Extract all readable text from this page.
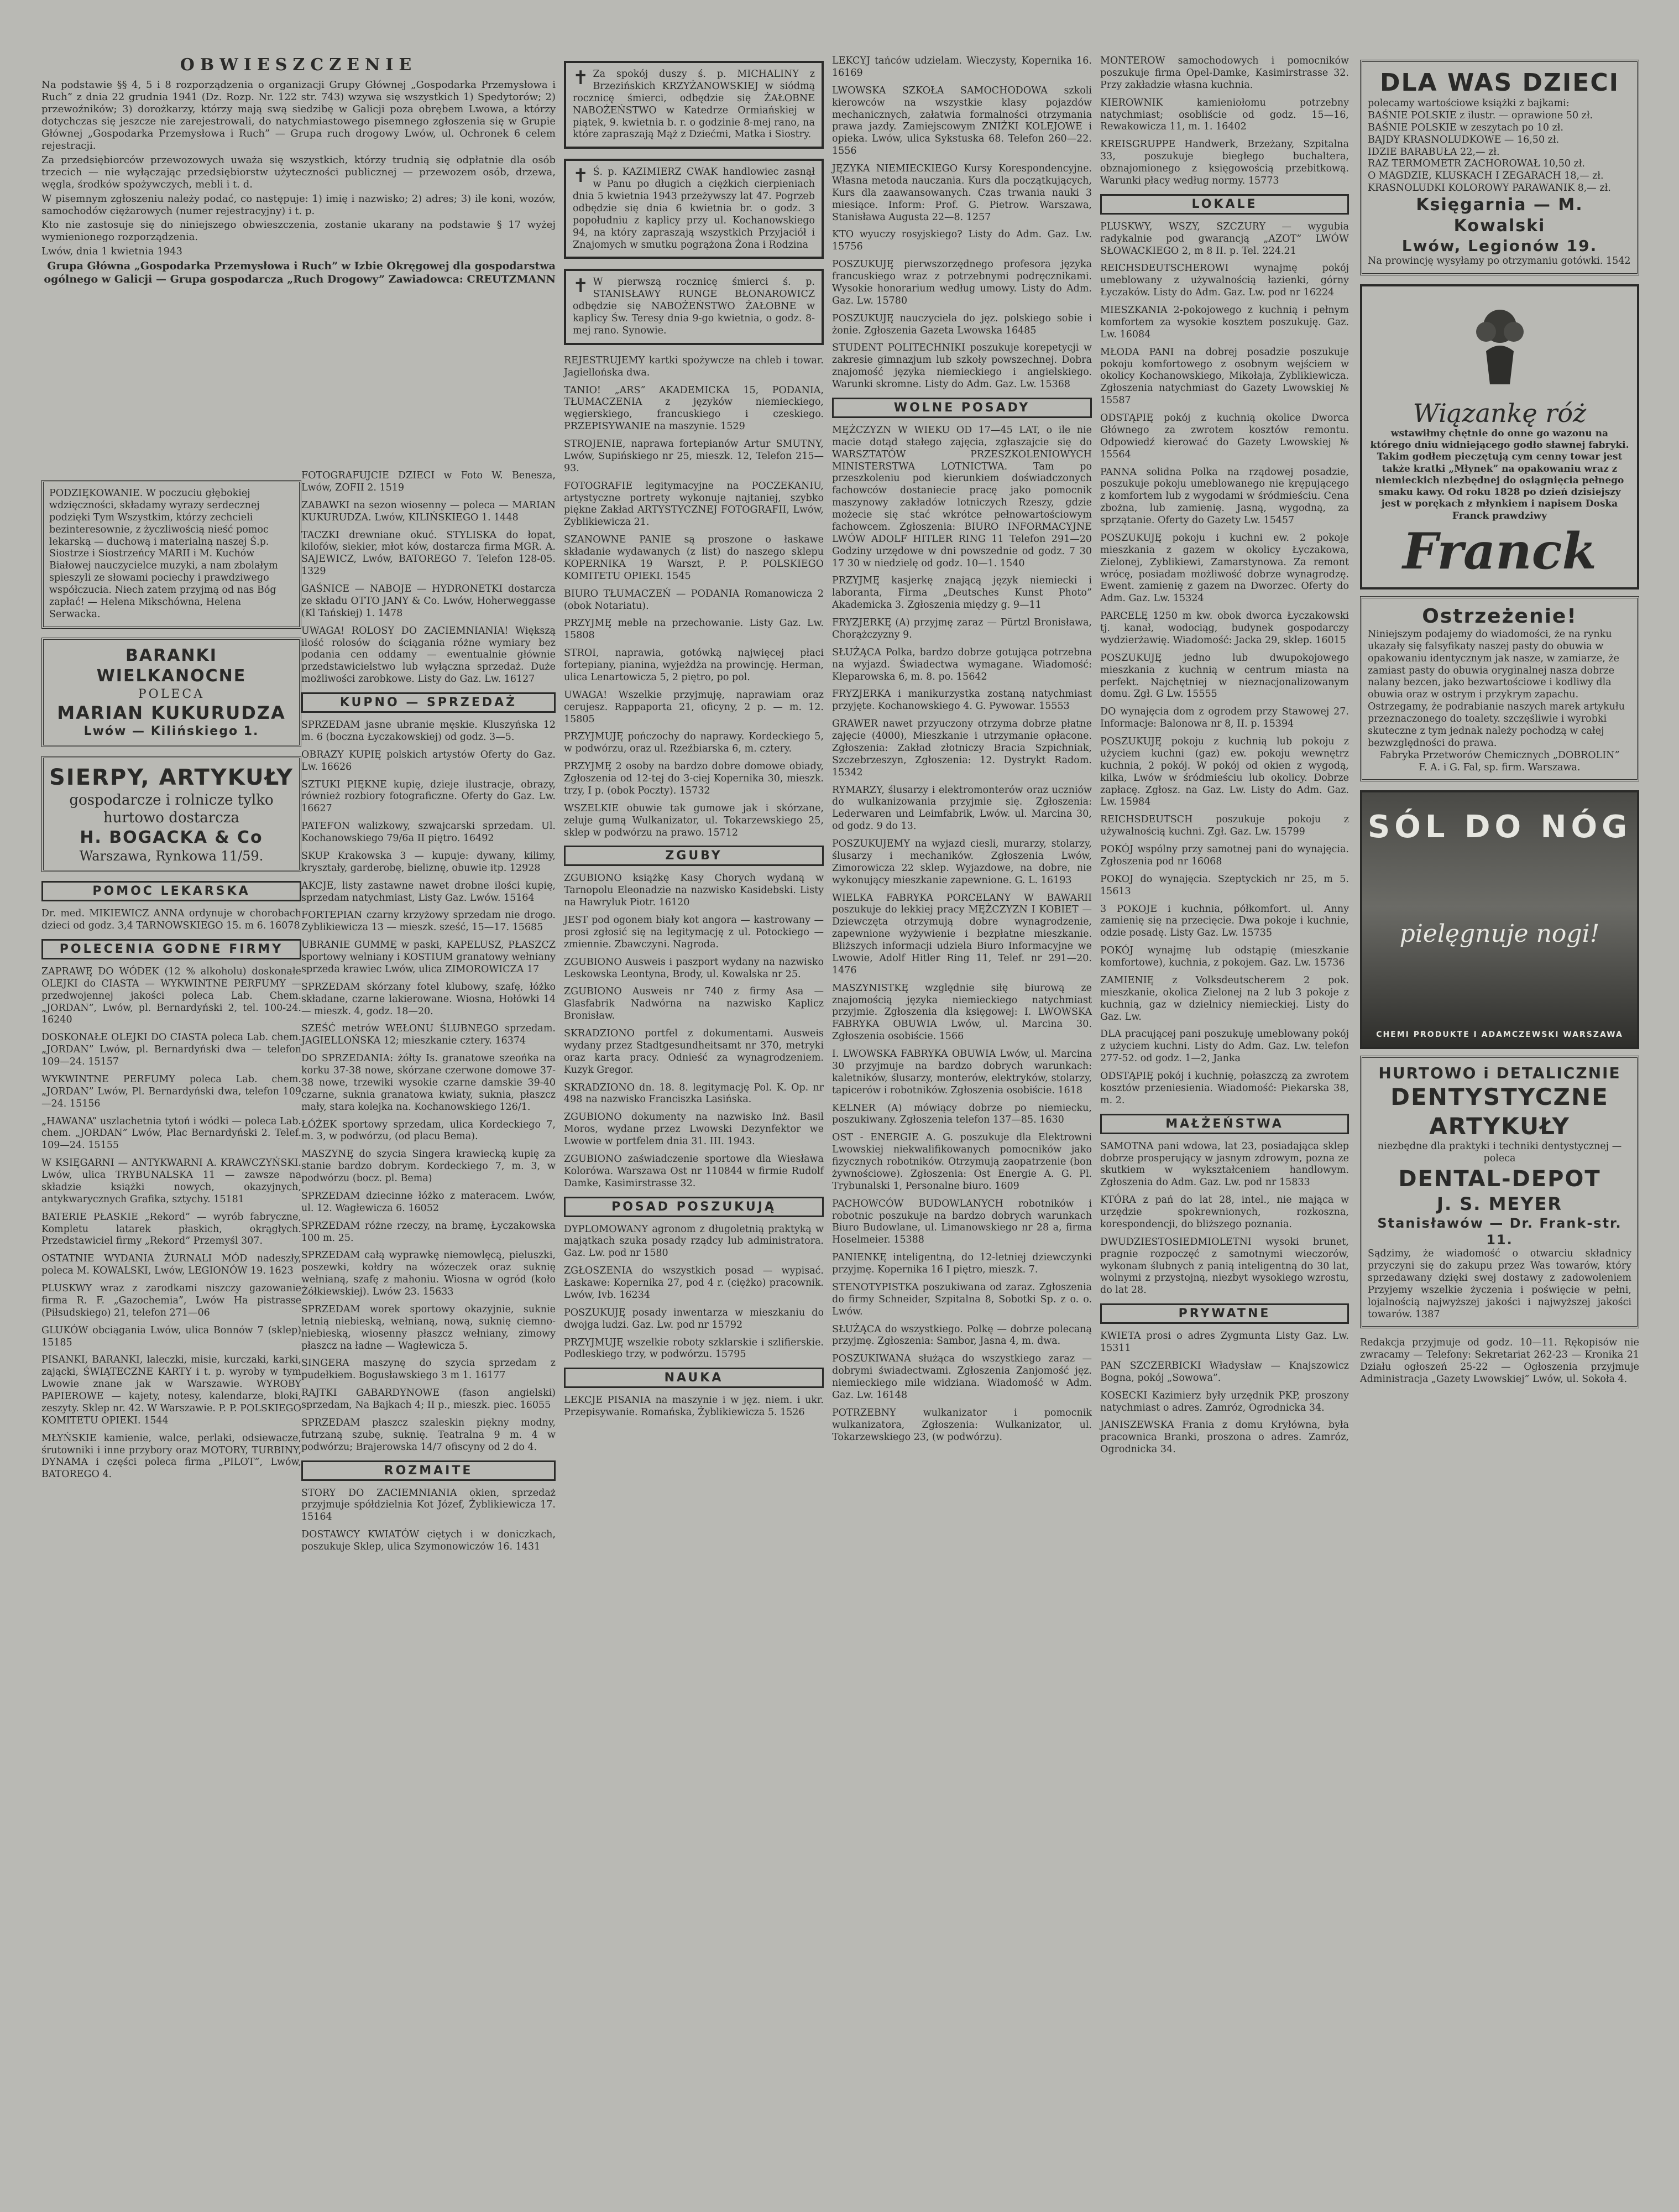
OBWIESZCZENIE

Na podstawie §§ 4, 5 i 8 rozporządzenia o organizacji Grupy Głównej „Gospodarka Przemysłowa i Ruch” z dnia 22 grudnia 1941 (Dz. Rozp. Nr. 122 str. 743) wzywa się wszystkich 1) Spedytorów; 2) przewoźników; 3) dorożkarzy, którzy mają swą siedzibę w Galicji poza obrębem Lwowa, a którzy dotychczas się jeszcze nie zarejestrowali, do natychmiastowego pisemnego zgłoszenia się w Grupie Głównej „Gospodarka Przemysłowa i Ruch” — Grupa ruch drogowy Lwów, ul. Ochronek 6 celem rejestracji.

Za przedsiębiorców przewozowych uważa się wszystkich, którzy trudnią się odpłatnie dla osób trzecich — nie wyłączając przedsiębiorstw użyteczności publicznej — przewozem osób, drzewa, węgla, środków spożywczych, mebli i t. d.

W pisemnym zgłoszeniu należy podać, co następuje: 1) imię i nazwisko; 2) adres; 3) ile koni, wozów, samochodów ciężarowych (numer rejestracyjny) i t. p.

Kto nie zastosuje się do niniejszego obwieszczenia, zostanie ukarany na podstawie § 17 wyżej wymienionego rozporządzenia.

Lwów, dnia 1 kwietnia 1943

Grupa Główna „Gospodarka Przemysłowa i Ruch” w Izbie Okręgowej dla gospodarstwa ogólnego w Galicji — Grupa gospodarcza „Ruch Drogowy” Zawiadowca: CREUTZMANN

PODZIĘKOWANIE. W poczuciu głębokiej wdzięczności, składamy wyrazy serdecznej podzięki Tym Wszystkim, którzy zechcieli bezinteresownie, z życzliwością nieść pomoc lekarską — duchową i materialną naszej Ś.p. Siostrze i Siostrzeńcy MARII i M. Kuchów Białowej nauczycielce muzyki, a nam zbolałym spieszyli ze słowami pociechy i prawdziwego współczucia. Niech zatem przyjmą od nas Bóg zapłać! — Helena Mikschówna, Helena Serwacka.
BARANKI WIELKANOCNE
POLECA
MARIAN KUKURUDZA
Lwów — Kilińskiego 1.
SIERPY, ARTYKUŁY
gospodarcze i rolnicze tylko hurtowo dostarcza
H. BOGACKA & Co
Warszawa, Rynkowa 11/59.
POMOC LEKARSKA

Dr. med. MIKIEWICZ ANNA ordynuje w chorobach dzieci od godz. 3,4 TARNOWSKIEGO 15. m 6. 16078

POLECENIA GODNE FIRMY

ZAPRAWĘ DO WÓDEK (12 % alkoholu) doskonałe OLEJKI do CIASTA — WYKWINTNE PERFUMY — przedwojennej jakości poleca Lab. Chem. „JORDAN”, Lwów, pl. Bernardyński 2, tel. 100-24. 16240

DOSKONAŁE OLEJKI DO CIASTA poleca Lab. chem. „JORDAN” Lwów, pl. Bernardyński dwa — telefon 109—24. 15157

WYKWINTNE PERFUMY poleca Lab. chem. „JORDAN” Lwów, Pl. Bernardyński dwa, telefon 109—24. 15156

„HAWANA” uszlachetnia tytoń i wódki — poleca Lab. chem. „JORDAN” Lwów, Plac Bernardyński 2. Telef. 109—24. 15155

W KSIĘGARNI — ANTYKWARNI A. KRAWCZYŃSKI. Lwów, ulica TRYBUNALSKA 11 — zawsze na składzie książki nowych, okazyjnych, antykwarycznych Grafika, sztychy. 15181

BATERIE PŁASKIE „Rekord” — wyrób fabryczne, Kompletu latarek płaskich, okrągłych. Przedstawiciel firmy „Rekord” Przemyśl 307.

OSTATNIE WYDANIA ŻURNALI MÓD nadeszły, poleca M. KOWALSKI, Lwów, LEGIONÓW 19. 1623

PLUSKWY wraz z zarodkami niszczy gazowanie firma R. F. „Gazochemia”, Lwów Ha pistrasse (Piłsudskiego) 21, telefon 271—06

GLUKÓW obciągania Lwów, ulica Bonnów 7 (sklep) 15185

PISANKI, BARANKI, laleczki, misie, kurczaki, karki, zającki, ŚWIĄTECZNE KARTY i t. p. wyroby w tym Lwowie znane jak w Warszawie. WYROBY PAPIEROWE — kajety, notesy, kalendarze, bloki, zeszyty. Sklep nr. 42. W Warszawie. P. P. POLSKIEGO KOMITETU OPIEKI. 1544

MŁYŃSKIE kamienie, walce, perlaki, odsiewacze, śrutowniki i inne przybory oraz MOTORY, TURBINY, DYNAMA i części poleca firma „PILOT”, Lwów, BATOREGO 4.

FOTOGRAFUJCIE DZIECI w Foto W. Benesza, Lwów, ZOFII 2. 1519

ZABAWKI na sezon wiosenny — poleca — MARIAN KUKURUDZA. Lwów, KILIŃSKIEGO 1. 1448

TACZKI drewniane okuć. STYLISKA do łopat, kilofów, siekier, młot ków, dostarcza firma MGR. A. SAJEWICZ, Lwów, BATOREGO 7. Telefon 128-05. 1329

GAŚNICE — NABOJE — HYDRONETKI dostarcza ze składu OTTO JANY & Co. Lwów, Hoherweggasse (Kl Tańskiej) 1. 1478

UWAGA! ROLOSY DO ZACIEMNIANIA! Większą ilość rolosów do ściągania różne wymiary bez podania cen oddamy — ewentualnie głównie przedstawicielstwo lub wyłączna sprzedaż. Duże możliwości zarobkowe. Listy do Gaz. Lw. 16127

KUPNO — SPRZEDAŻ

SPRZEDAM jasne ubranie męskie. Kluszyńska 12 m. 6 (boczna Łyczakowskiej) od godz. 3—5.

OBRAZY KUPIĘ polskich artystów Oferty do Gaz. Lw. 16626

SZTUKI PIĘKNE kupię, dzieje ilustracje, obrazy, również rozbiory fotograficzne. Oferty do Gaz. Lw. 16627

PATEFON walizkowy, szwajcarski sprzedam. Ul. Kochanowskiego 79/6a II piętro. 16492

SKUP Krakowska 3 — kupuje: dywany, kilimy, kryształy, garderobę, bieliznę, obuwie itp. 12928

AKCJE, listy zastawne nawet drobne ilości kupię, sprzedam natychmiast, Listy Gaz. Lwów. 15164

FORTEPIAN czarny krzyżowy sprzedam nie drogo. Zyblikiewicza 13 — mieszk. sześć, 15—17. 15685

UBRANIE GUMMĘ w paski, KAPELUSZ, PŁASZCZ sportowy welniany i KOSTIUM granatowy wełniany sprzeda krawiec Lwów, ulica ZIMOROWICZA 17

SPRZEDAM skórzany fotel klubowy, szafę, łóżko składane, czarne lakierowane. Wiosna, Hołówki 14 — mieszk. 4, godz. 18—20.

SZEŚĆ metrów WEŁONU ŚLUBNEGO sprzedam. JAGIELLOŃSKA 12; mieszkanie cztery. 16374

DO SPRZEDANIA: żółty Is. granatowe szeońka na korku 37-38 nowe, skórzane czerwone domowe 37-38 nowe, trzewiki wysokie czarne damskie 39-40 czarne, suknia granatowa kwiaty, suknia, płaszcz mały, stara kolejka na. Kochanowskiego 126/1.

ŁÓŻEK sportowy sprzedam, ulica Kordeckiego 7, m. 3, w podwórzu, (od placu Bema).

MASZYNĘ do szycia Singera krawiecką kupię za stanie bardzo dobrym. Kordeckiego 7, m. 3, w podwórzu (bocz. pl. Bema)

SPRZEDAM dziecinne łóżko z materacem. Lwów, ul. 12. Wagłewicza 6. 16052

SPRZEDAM różne rzeczy, na bramę, Łyczakowska 100 m. 25.

SPRZEDAM całą wyprawkę niemowlęcą, pieluszki, poszewki, kołdry na wózeczek oraz suknię wełnianą, szafę z mahoniu. Wiosna w ogród (koło Żółkiewskiej). Lwów 23. 15633

SPRZEDAM worek sportowy okazyjnie, suknie letnią niebieską, wełnianą, nową, suknię ciemno-niebieską, wiosenny płaszcz wełniany, zimowy płaszcz na ładne — Wagłewicza 5.

SINGERA maszynę do szycia sprzedam z pudełkiem. Bogusławskiego 3 m 1. 16177

RAJTKI GABARDYNOWE (fason angielski) sprzedam, Na Bajkach 4; II p., mieszk. piec. 16055

SPRZEDAM płaszcz szaleskin piękny modny, futrzaną szubę, suknię. Teatralna 9 m. 4 w podwórzu; Brajerowska 14/7 ofiscyny od 2 do 4.

ROZMAITE

STORY DO ZACIEMNIANIA okien, sprzedaż przyjmuje spółdzielnia Kot Józef, Żyblikiewicza 17. 15164

DOSTAWCY KWIATÓW ciętych i w doniczkach, poszukuje Sklep, ulica Szymonowiczów 16. 1431

✝ Za spokój duszy ś. p. MICHALINY z Brzezińskich KRZYŻANOWSKIEJ w siódmą rocznicę śmierci, odbędzie się ŻAŁOBNE NABOŻEŃSTWO w Katedrze Ormiańskiej w piątek, 9. kwietnia b. r. o godzinie 8-mej rano, na które zapraszają Mąż z Dziećmi, Matka i Siostry.
✝ Ś. p. KAZIMIERZ CWAK handlowiec zasnął w Panu po długich a ciężkich cierpieniach dnia 5 kwietnia 1943 przeżywszy lat 47. Pogrzeb odbędzie się dnia 6 kwietnia br. o godz. 3 popołudniu z kaplicy przy ul. Kochanowskiego 94, na który zapraszają wszystkich Przyjaciół i Znajomych w smutku pogrążona Żona i Rodzina
✝ W pierwszą rocznicę śmierci ś. p. STANISŁAWY RUNGE BŁONAROWICZ odbędzie się NABOŻEŃSTWO ŻAŁOBNE w kaplicy Św. Teresy dnia 9-go kwietnia, o godz. 8-mej rano. Synowie.

REJESTRUJEMY kartki spożywcze na chleb i towar. Jagiellońska dwa.

TANIO! „ARS” AKADEMICKA 15, PODANIA, TŁUMACZENIA z języków niemieckiego, węgierskiego, francuskiego i czeskiego. PRZEPISYWANIE na maszynie. 1529

STROJENIE, naprawa fortepianów Artur SMUTNY, Lwów, Supińskiego nr 25, mieszk. 12, Telefon 215—93.

FOTOGRAFIE legitymacyjne na POCZEKANIU, artystyczne portrety wykonuje najtaniej, szybko piękne Zakład ARTYSTYCZNEJ FOTOGRAFII, Lwów, Zyblikiewicza 21.

SZANOWNE PANIE są proszone o łaskawe składanie wydawanych (z list) do naszego sklepu KOPERNIKA 19 Warszt, P. P. POLSKIEGO KOMITETU OPIEKI. 1545

BIURO TŁUMACZEŃ — PODANIA Romanowicza 2 (obok Notariatu).

PRZYJMĘ meble na przechowanie. Listy Gaz. Lw. 15808

STROI, naprawia, gotówką najwięcej płaci fortepiany, pianina, wyjeżdża na prowincję. Herman, ulica Lenartowicza 5, 2 piętro, po pol.

UWAGA! Wszelkie przyjmuję, naprawiam oraz cerujesz. Rappaporta 21, oficyny, 2 p. — m. 12. 15805

PRZYJMUJĘ pończochy do naprawy. Kordeckiego 5, w podwórzu, oraz ul. Rzeźbiarska 6, m. cztery.

PRZYJMĘ 2 osoby na bardzo dobre domowe obiady, Zgłoszenia od 12-tej do 3-ciej Kopernika 30, mieszk. trzy, I p. (obok Poczty). 15732

WSZELKIE obuwie tak gumowe jak i skórzane, zeluje gumą Wulkanizator, ul. Tokarzewskiego 25, sklep w podwórzu na prawo. 15712

ZGUBY

ZGUBIONO książkę Kasy Chorych wydaną w Tarnopolu Eleonadzie na nazwisko Kasidebski. Listy na Hawryluk Piotr. 16120

JEST pod ogonem biały kot angora — kastrowany — prosi zgłosić się na legitymację z ul. Potockiego — zmiennie. Zbawczyni. Nagroda.

ZGUBIONO Ausweis i paszport wydany na nazwisko Leskowska Leontyna, Brody, ul. Kowalska nr 25.

ZGUBIONO Ausweis nr 740 z firmy Asa — Glasfabrik Nadwórna na nazwisko Kaplicz Bronisław.

SKRADZIONO portfel z dokumentami. Ausweis wydany przez Stadtgesundheitsamt nr 370, metryki oraz karta pracy. Odnieść za wynagrodzeniem. Kuzyk Gregor.

SKRADZIONO dn. 18. 8. legitymację Pol. K. Op. nr 498 na nazwisko Franciszka Lasińska.

ZGUBIONO dokumenty na nazwisko Inż. Basil Moros, wydane przez Lwowski Dezynfektor we Lwowie w portfelem dnia 31. III. 1943.

ZGUBIONO zaświadczenie sportowe dla Wiesława Kolorówa. Warszawa Ost nr 110844 w firmie Rudolf Damke, Kasimirstrasse 32.

POSAD POSZUKUJĄ

DYPLOMOWANY agronom z długoletnią praktyką w majątkach szuka posady rządcy lub administratora. Gaz. Lw. pod nr 1580

ZGŁOSZENIA do wszystkich posad — wypisać. Łaskawe: Kopernika 27, pod 4 r. (ciężko) pracownik. Lwów, Ivb. 16234

POSZUKUJĘ posady inwentarza w mieszkaniu do dwojga ludzi. Gaz. Lw. pod nr 15792

PRZYJMUJĘ wszelkie roboty szklarskie i szlifierskie. Podleskiego trzy, w podwórzu. 15795

NAUKA

LEKCJE PISANIA na maszynie i w jęz. niem. i ukr. Przepisywanie. Romańska, Żyblikiewicza 5. 1526

LEKCYJ tańców udzielam. Wieczysty, Kopernika 16. 16169

LWOWSKA SZKOŁA SAMOCHODOWA szkoli kierowców na wszystkie klasy pojazdów mechanicznych, załatwia formalności otrzymania prawa jazdy. Zamiejscowym ZNIŻKI KOLEJOWE i opieka. Lwów, ulica Sykstuska 68. Telefon 260—22. 1556

JĘZYKA NIEMIECKIEGO Kursy Korespondencyjne. Własna metoda nauczania. Kurs dla początkujących, Kurs dla zaawansowanych. Czas trwania nauki 3 miesiące. Inform: Prof. G. Pietrow. Warszawa, Stanisława Augusta 22—8. 1257

KTO wyuczy rosyjskiego? Listy do Adm. Gaz. Lw. 15756

POSZUKUJĘ pierwszorzędnego profesora języka francuskiego wraz z potrzebnymi podręcznikami. Wysokie honorarium według umowy. Listy do Adm. Gaz. Lw. 15780

POSZUKUJĘ nauczyciela do jęz. polskiego sobie i żonie. Zgłoszenia Gazeta Lwowska 16485

STUDENT POLITECHNIKI poszukuje korepetycji w zakresie gimnazjum lub szkoły powszechnej. Dobra znajomość języka niemieckiego i angielskiego. Warunki skromne. Listy do Adm. Gaz. Lw. 15368

WOLNE POSADY

MĘŻCZYZN W WIEKU OD 17—45 LAT, o ile nie macie dotąd stałego zajęcia, zgłaszajcie się do WARSZTATÓW PRZESZKOLENIOWYCH MINISTERSTWA LOTNICTWA. Tam po przeszkoleniu pod kierunkiem doświadczonych fachowców dostaniecie pracę jako pomocnik maszynowy zakładów lotniczych Rzeszy, gdzie możecie się stać wkrótce pełnowartościowym fachowcem. Zgłoszenia: BIURO INFORMACYJNE LWÓW ADOLF HITLER RING 11 Telefon 291—20 Godziny urzędowe w dni powszednie od godz. 7 30 17 30 w niedzielę od godz. 10—1. 1540

PRZYJMĘ kasjerkę znającą język niemiecki i laboranta, Firma „Deutsches Kunst Photo” Akademicka 3. Zgłoszenia między g. 9—11

FRYZJERKĘ (A) przyjmę zaraz — Pürtzl Bronisława, Chorążczyzny 9.

SŁUŻĄCA Polka, bardzo dobrze gotująca potrzebna na wyjazd. Świadectwa wymagane. Wiadomość: Kleparowska 6, m. 8. po. 15642

FRYZJERKA i manikurzystka zostaną natychmiast przyjęte. Kochanowskiego 4. G. Pywowar. 15553

GRAWER nawet przyuczony otrzyma dobrze płatne zajęcie (4000), Mieszkanie i utrzymanie opłacone. Zgłoszenia: Zakład złotniczy Bracia Szpichniak, Szczebrzeszyn, Zgłoszenia: 12. Dystrykt Radom. 15342

RYMARZY, ślusarzy i elektromonterów oraz uczniów do wulkanizowania przyjmie się. Zgłoszenia: Lederwaren und Leimfabrik, Lwów. ul. Marcina 30, od godz. 9 do 13.

POSZUKUJEMY na wyjazd ciesli, murarzy, stolarzy, ślusarzy i mechaników. Zgłoszenia Lwów, Zimorowicza 22 sklep. Wyjazdowe, na dobre, nie wykonujący mieszkanie zapewnione. G. L. 16193

WIELKA FABRYKA PORCELANY W BAWARII poszukuje do lekkiej pracy MĘŻCZYZN I KOBIET — Dziewczęta otrzymują dobre wynagrodzenie, zapewnione wyżywienie i bezpłatne mieszkanie. Bliższych informacji udziela Biuro Informacyjne we Lwowie, Adolf Hitler Ring 11, Telef. nr 291—20. 1476

MASZYNISTKĘ względnie siłę biurową ze znajomością języka niemieckiego natychmiast przyjmie. Zgłoszenia dla księgowej: I. LWOWSKA FABRYKA OBUWIA Lwów, ul. Marcina 30. Zgłoszenia osobiście. 1566

I. LWOWSKA FABRYKA OBUWIA Lwów, ul. Marcina 30 przyjmuje na bardzo dobrych warunkach: kaletników, ślusarzy, monterów, elektryków, stolarzy, tapicerów i robotników. Zgłoszenia osobiście. 1618

KELNER (A) mówiący dobrze po niemiecku, poszukiwany. Zgłoszenia telefon 137—85. 1630

OST - ENERGIE A. G. poszukuje dla Elektrowni Lwowskiej niekwalifikowanych pomocników jako fizycznych robotników. Otrzymują zaopatrzenie (bon żywnościowe). Zgłoszenia: Ost Energie A. G. Pl. Trybunalski 1, Personalne biuro. 1609

PACHOWCÓW BUDOWLANYCH robotników i robotnic poszukuje na bardzo dobrych warunkach Biuro Budowlane, ul. Limanowskiego nr 28 a, firma Hoselmeier. 15388

PANIENKĘ inteligentną, do 12-letniej dziewczynki przyjmę. Kopernika 16 I piętro, mieszk. 7.

STENOTYPISTKA poszukiwana od zaraz. Zgłoszenia do firmy Schneider, Szpitalna 8, Sobotki Sp. z o. o. Lwów.

SŁUŻĄCA do wszystkiego. Polkę — dobrze polecaną przyjmę. Zgłoszenia: Sambor, Jasna 4, m. dwa.

POSZUKIWANA służąca do wszystkiego zaraz — dobrymi świadectwami. Zgłoszenia Zanjomość jęz. niemieckiego mile widziana. Wiadomość w Adm. Gaz. Lw. 16148

POTRZEBNY wulkanizator i pomocnik wulkanizatora, Zgłoszenia: Wulkanizator, ul. Tokarzewskiego 23, (w podwórzu).

MONTEROW samochodowych i pomocników poszukuje firma Opel-Damke, Kasimirstrasse 32. Przy zakładzie własna kuchnia.

KIEROWNIK kamieniołomu potrzebny natychmiast; osobliście od godz. 15—16, Rewakowicza 11, m. 1. 16402

KREISGRUPPE Handwerk, Brzeżany, Szpitalna 33, poszukuje biegłego buchaltera, obznajomionego z księgowością przebitkową. Warunki płacy według normy. 15773

LOKALE

PLUSKWY, WSZY, SZCZURY — wygubia radykalnie pod gwarancją „AZOT” LWÓW SŁOWACKIEGO 2, m 8 II. p. Tel. 224.21

REICHSDEUTSCHEROWI wynajmę pokój umeblowany z używalnością łazienki, górny Łyczaków. Listy do Adm. Gaz. Lw. pod nr 16224

MIESZKANIA 2-pokojowego z kuchnią i pełnym komfortem za wysokie kosztem poszukuję. Gaz. Lw. 16084

MŁODA PANI na dobrej posadzie poszukuje pokoju komfortowego z osobnym wejściem w okolicy Kochanowskiego, Mikołaja, Zyblikiewicza. Zgłoszenia natychmiast do Gazety Lwowskiej № 15587

ODSTĄPIĘ pokój z kuchnią okolice Dworca Głównego za zwrotem kosztów remontu. Odpowiedź kierować do Gazety Lwowskiej № 15564

PANNA solidna Polka na rządowej posadzie, poszukuje pokoju umeblowanego nie krępującego z komfortem lub z wygodami w śródmieściu. Cena zbożna, lub zamienię. Jasną, wygodną, za sprzątanie. Oferty do Gazety Lw. 15457

POSZUKUJĘ pokoju i kuchni ew. 2 pokoje mieszkania z gazem w okolicy Łyczakowa, Zielonej, Zyblikiewi, Zamarstynowa. Za remont wrócę, posiadam możliwość dobrze wynagrodzę. Ewent. zamienię z gazem na Dworzec. Oferty do Adm. Gaz. Lw. 15324

PARCELĘ 1250 m kw. obok dworca Łyczakowski tj. kanał, wodociąg, budynek gospodarczy wydzierżawię. Wiadomość: Jacka 29, sklep. 16015

POSZUKUJĘ jedno lub dwupokojowego mieszkania z kuchnią w centrum miasta na perfekt. Najchętniej w nieznacjonalizowanym domu. Zgł. G Lw. 15555

DO wynajęcia dom z ogrodem przy Stawowej 27. Informacje: Balonowa nr 8, II. p. 15394

POSZUKUJĘ pokoju z kuchnią lub pokoju z użyciem kuchni (gaz) ew. pokoju wewnętrz kuchnia, 2 pokój. W pokój od okien z wygodą, kilka, Lwów w śródmieściu lub okolicy. Dobrze zapłacę. Zgłosz. na Gaz. Lw. Listy do Adm. Gaz. Lw. 15984

REICHSDEUTSCH poszukuje pokoju z używalnością kuchni. Zgł. Gaz. Lw. 15799

POKÓJ wspólny przy samotnej pani do wynajęcia. Zgłoszenia pod nr 16068

POKOJ do wynajęcia. Szeptyckich nr 25, m 5. 15613

3 POKOJE i kuchnia, półkomfort. ul. Anny zamienię się na przecięcie. Dwa pokoje i kuchnie, odzie posadę. Listy Gaz. Lw. 15735

POKÓJ wynajmę lub odstąpię (mieszkanie komfortowe), kuchnia, z pokojem. Gaz. Lw. 15736

ZAMIENIĘ z Volksdeutscherem 2 pok. mieszkanie, okolica Zielonej na 2 lub 3 pokoje z kuchnią, gaz w dzielnicy niemieckiej. Listy do Gaz. Lw.

DLA pracującej pani poszukuję umeblowany pokój z użyciem kuchni. Listy do Adm. Gaz. Lw. telefon 277-52. od godz. 1—2, Janka

ODSTĄPIĘ pokój i kuchnię, połaszczą za zwrotem kosztów przeniesienia. Wiadomość: Piekarska 38, m. 2.

MAŁŻEŃSTWA

SAMOTNA pani wdowa, lat 23, posiadająca sklep dobrze prosperujący w jasnym zdrowym, pozna ze skutkiem w wykształceniem handlowym. Zgłoszenia do Adm. Gaz. Lw. pod nr 15833

KTÓRA z pań do lat 28, intel., nie mająca w urzędzie spokrewnionych, rozkoszna, korespondencji, do bliższego poznania.

DWUDZIESTOSIEDMIOLETNI wysoki brunet, pragnie rozpoczęć z samotnymi wieczorów, wykonam ślubnych z panią inteligentną do 30 lat, wolnymi z przystojną, niezbyt wysokiego wzrostu, do lat 28.

PRYWATNE

KWIETA prosi o adres Zygmunta Listy Gaz. Lw. 15311

PAN SZCZERBICKI Władysław — Knajszowicz Bogna, pokój „Sowowa”.

KOSECKI Kazimierz były urzędnik PKP, proszony natychmiast o adres. Zamróz, Ogrodnicka 34.

JANISZEWSKA Frania z domu Kryłówna, była pracownica Branki, proszona o adres. Zamróz, Ogrodnicka 34.

DLA WAS DZIECI
polecamy wartościowe książki z bajkami:
BAŚNIE POLSKIE z ilustr. — oprawione 50 zł.
BAŚNIE POLSKIE w zeszytach po 10 zł.
BAJDY KRASNOLUDKOWE — 16,50 zł.
IDZIE BARABUŁA 22,— zł.
RAZ TERMOMETR ZACHOROWAŁ 10,50 zł.
O MAGDZIE, KLUSKACH I ZEGARACH 18,— zł.
KRASNOLUDKI KOLOROWY PARAWANIK 8,— zł.
Księgarnia — M. Kowalski
Lwów, Legionów 19.
Na prowincję wysyłamy po otrzymaniu gotówki. 1542
Wiązankę róż
wstawiłmy chętnie do onne go wazonu na którego dniu widniejącego godło sławnej fabryki. Takim godłem pieczętują cym cenny towar jest także kratki „Młynek” na opakowaniu wraz z niemieckich niezbędnej do osiągnięcia pełnego smaku kawy. Od roku 1828 po dzień dzisiejszy jest w porękach z młynkiem i napisem Doska Franck prawdziwy
Franck
Ostrzeżenie!
Niniejszym podajemy do wiadomości, że na rynku ukazały się falsyfikaty naszej pasty do obuwia w opakowaniu identycznym jak nasze, w zamiarze, że zamiast pasty do obuwia oryginalnej nasza dobrze nalany bezcen, jako bezwartościowe i kodliwy dla obuwia oraz w ostrym i przykrym zapachu. Ostrzegamy, że podrabianie naszych marek artykułu przeznaczonego do toalety. szczęśliwie i wyrobki skuteczne z tym jednak należy pochodzą w całej bezwzględności do prawa.
Fabryka Przetworów Chemicznych „DOBROLIN”
F. A. i G. Fal, sp. firm. Warszawa.
SÓL DO NÓG
pielęgnuje nogi!
CHEMI PRODUKTE I ADAMCZEWSKI WARSZAWA
HURTOWO i DETALICZNIE
DENTYSTYCZNE ARTYKUŁY
niezbędne dla praktyki i techniki dentystycznej — poleca
DENTAL-DEPOT
J. S. MEYER
Stanisławów — Dr. Frank-str. 11.
Sądzimy, że wiadomość o otwarciu składnicy przyczyni się do zakupu przez Was towarów, który sprzedawany dzięki swej dostawy z zadowoleniem Przyjemy wszelkie życzenia i poświęcie w pełni, lojalnością najwyższej jakości i najwyższej jakości towarów. 1387

Redakcja przyjmuje od godz. 10—11. Rękopisów nie zwracamy — Telefony: Sekretariat 262-23 — Kronika 21 Działu ogłoszeń 25-22 — Ogłoszenia przyjmuje Administracja „Gazety Lwowskiej” Lwów, ul. Sokoła 4.
